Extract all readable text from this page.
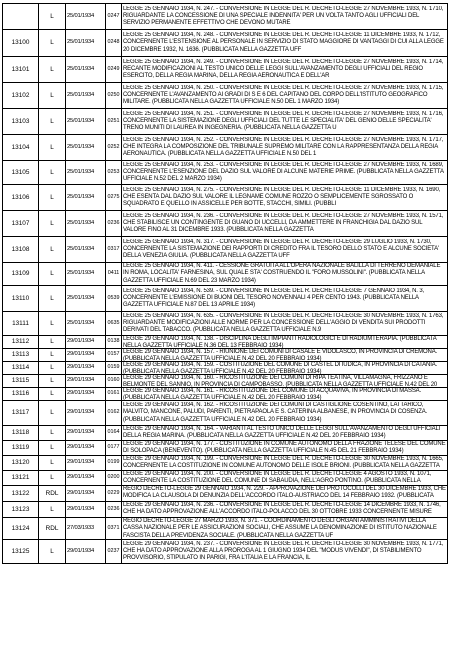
	L	25/01/1934	0247	LEGGE 25 GENNAIO 1934, N. 247. - CONVERSIONE IN LEGGE DEL R. DECRETO-LEGGE 27 NOVEMBRE 1933, N. 1710, RIGUARDANTE LA CONCESSIONE DI UNA SPECIALE INDENNITA' PER UN VOLTA TANTO AGLI UFFICIALI DEL SERVIZIO PERMANENTE EFFETTIVO CHE DEVONO MUTARE

13100	L	25/01/1934	0248	LEGGE 25 GENNAIO 1934, N. 248. - CONVERSIONE IN LEGGE DEL R. DECRETO-LEGGE 11 DICEMBRE 1933, N. 1712, CONCERNENTE L'ESTENSIONE AL PERSONALE IN SERVIZIO DI STATO MAGGIORE DI VANTAGGI DI CUI ALLA LEGGE 20 DICEMBRE 1932, N. 1636. (PUBBLICATA NELLA GAZZETTA UFF

13101	L	25/01/1934	0249	LEGGE 25 GENNAIO 1934, N. 249. - CONVERSIONE IN LEGGE DEL R. DECRETO-LEGGE 27 NOVEMBRE 1933, N. 1714, RECANTE MODIFICAZIONI AL TESTO UNICO DELLE LEGGI SULL'AVANZAMENTO DEGLI UFFICIALI DEL REGIO ESERCITO, DELLA REGIA MARINA, DELLA REGIA AERONAUTICA E DELL'AR

13102	L	25/01/1934	0250	LEGGE 25 GENNAIO 1934, N. 250. - CONVERSIONE IN LEGGE DEL R. DECRETO-LEGGE 27 NOVEMBRE 1933, N. 1715, CONCERNENTE L'AVANZAMENTO AI GRADI DI S E 6 DEL CAPITANO DEL CORPO DELL'ISTITUTO GEOGRAFICO MILITARE. (PUBBLICATA NELLA GAZZETTA UFFICIALE N.50 DEL 1 MARZO 1934)

13103	L	25/01/1934	0251	LEGGE 25 GENNAIO 1934, N. 251. - CONVERSIONE IN LEGGE DEL R. DECRETO-LEGGE 27 NOVEMBRE 1933, N. 1716, CONCERNENTE LA SISTEMAZIONE DEGLI UFFICIALI DEL TUTTE LE SPECIALITA' DEL GENIO DELLE SPECIALITA' TRENO MUNITI DI LAUREA IN INGEGNERIA. (PUBBLICATA NELLA GAZZETTA U

13104	L	25/01/1934	0252	LEGGE 25 GENNAIO 1934, N. 252. - CONVERSIONE IN LEGGE DEL R. DECRETO-LEGGE 27 NOVEMBRE 1933, N. 1717, CHE INTEGRA LA COMPOSIZIONE DEL TRIBUNALE SUPREMO MILITARE CON LA RAPPRESENTANZA DELLA REGIA AERONAUTICA. (PUBBLICATA NELLA GAZZETTA UFFICIALE N.50 DEL 1

13105	L	25/01/1934	0253	LEGGE 25 GENNAIO 1934, N. 253. - CONVERSIONE IN LEGGE DEL R. DECRETO-LEGGE 27 NOVEMBRE 1933, N. 1689, CONCERNENTE L'ESENZIONE DEL DAZIO SUL VALORE DI ALCUNE MATERIE PRIME. (PUBBLICATA NELLA GAZZETTA UFFICIALE N.52 DEL 2 MARZO 1934)

13106	L	25/01/1934	0275	LEGGE 25 GENNAIO 1934, N. 275. - CONVERSIONE IN LEGGE DEL R. DECRETO-LEGGE 11 DICEMBRE 1933, N. 1690, CHE ESENTA DAL DAZIO SUL VALORE IL LEGNAME COMUNE ROZZO O SEMPLICEMENTE SGROSSATO O SQUADRATO E QUELLO IN ASSICELLE PER BOTTE, STACCHI, SIMILI. (PUBBLI

13107	L	25/01/1934	0236	LEGGE 25 GENNAIO 1934, N. 236. - CONVERSIONE IN LEGGE DEL R. DECRETO-LEGGE 27 NOVEMBRE 1933, N. 1571, CHE STABILISCE UN CONTINGENTE DI GUANO DI UCCELLI, DA AMMETTERE IN FRANCHIGIA DAL DAZIO SUL VALORE FINO AL 31 DICEMBRE 1933. (PUBBLICATA NELLA GAZZETTA

13108	L	25/01/1934	0317	LEGGE 25 GENNAIO 1934, N. 317. - CONVERSIONE IN LEGGE DEL R. DECRETO-LEGGE 29 LUGLIO 1933, N. 1730, CONCERNENTE LA SISTEMAZIONE DEI RAPPORTI DI CREDITO FRA IL TESORO DELLO STATO E ALCUNE SOCIETA' DELLA VENEZIA GIULIA. (PUBBLICATA NELLA GAZZETTA UFF

13109	L	25/01/1934	0411	LEGGE 25 GENNAIO 1934, N. 411. - CESSIONE GRATUITA ALL'OPERA NAZIONALE BALILLA DI TERRENO DEMANIALE IN ROMA, LOCALITA' FARNESINA, SUL QUALE STA' COSTRUENDO IL "FORO MUSSOLINI". (PUBBLICATA NELLA GAZZETTA UFFICIALE N.69 DEL 23 MARZO 1934)

13110	L	25/01/1934	0539	LEGGE 25 GENNAIO 1934, N. 539. - CONVERSIONE IN LEGGE DEL R. DECRETO-LEGGE 7 GENNAIO 1934, N. 3, CONCERNENTE L'EMISSIONE DI BUONI DEL TESORO NOVENNALI 4 PER CENTO 1943. (PUBBLICATA NELLA GAZZETTA UFFICIALE N.87 DEL 13 APRILE 1934)

13111	L	25/01/1934	0635	LEGGE 25 GENNAIO 1934, N. 635. - CONVERSIONE IN LEGGE DEL R. DECRETO-LEGGE 30 NOVEMBRE 1933, N. 1763, RIGUARDANTE MODIFICAZIONI ALLE NORME PER LA CONCESSIONE DELL'AGGIO DI VENDITA SUI PRODOTTI DERIVATI DEL TABACCO. (PUBBLICATA NELLA GAZZETTA UFFICIALE N.9

13112	L	29/01/1934	0138	LEGGE 29 GENNAIO 1934, N. 138. - DISCIPLINA DEGLI IMPIANTI RADIOLOGICI E DI RADIUMTERAPIA. (PUBBLICATA NELLA GAZZETTA UFFICIALE N.36 DEL 13 FEBBRAIO 1934)

13113	L	29/01/1934	0157	LEGGE 29 GENNAIO 1934, N. 157. - RIUNIONE DEI COMUNI DI CASALE E VIDOLASCO, IN PROVINCIA DI CREMONA. (PUBBLICATA NELLA GAZZETTA UFFICIALE N.42 DEL 20 FEBBRAIO 1934)

13114	L	29/01/1934	0159	LEGGE 29 GENNAIO 1934, N. 159. - COSTITUZIONE DEL COMUNE DI CASTEL DI IUDICA, IN PROVINCIA DI CATANIA. (PUBBLICATA NELLA GAZZETTA UFFICIALE N.42 DEL 20 FEBBRAIO 1934)

13115	L	29/01/1934	0160	LEGGE 29 GENNAIO 1934, N. 160. - RICOSTITUZIONE DEI COMUNI DI RIPA TEATINA, VILLAMAGNA, FRIZZANO E BELMONTE DEL SANNIO, IN PROVINCIA DI CAMPOBASSO. (PUBBLICATA NELLA GAZZETTA UFFICIALE N.42 DEL 20

13116	L	29/01/1934	0161	LEGGE 29 GENNAIO 1934, N. 161. - RICOSTITUZIONE DEL COMUNE DI ACQUAVIVA, IN PROVINCIA DI MASSA. (PUBBLICATA NELLA GAZZETTA UFFICIALE N.42 DEL 20 FEBBRAIO 1934)

13117	L	29/01/1934	0162	LEGGE 29 GENNAIO 1934, N. 162. - RICOSTITUZIONE DEI COMUNI DI CASTIGLIONE COSENTINO, LATTARICO, MALVITO, MANCONE, PALUDI, PARENTI, PIETRAPAOLA E S. CATERINA ALBANESE, IN PROVINCIA DI COSENZA. (PUBBLICATA NELLA GAZZETTA UFFICIALE N.42 DEL 20 FEBBRAIO 1934)

13118	L	29/01/1934	0164	LEGGE 29 GENNAIO 1934, N. 164. - VARIANTI AL TESTO UNICO DELLE LEGGI SULL'AVANZAMENTO DEGLI UFFICIALI DELLA REGIA MARINA. (PUBBLICATA NELLA GAZZETTA UFFICIALE N.42 DEL 20 FEBBRAIO 1934)

13119	L	29/01/1934	0177	LEGGE 29 GENNAIO 1934, N. 177. - COSTITUZIONE IN COMUNE AUTONOMO DELLA FRAZIONE TELESE DEL COMUNE DI SOLOPACA (BENEVENTO). (PUBBLICATA NELLA GAZZETTA UFFICIALE N.45 DEL 21 FEBBRAIO 1934)

13120	L	29/01/1934	0199	LEGGE 29 GENNAIO 1934, N. 199. - CONVERSIONE IN LEGGE DEL R. DECRETO-LEGGE 30 NOVEMBRE 1933, N. 1665, CONCERNENTE LA COSTITUZIONE IN COMUNE AUTONOMO DELLE ISOLE BRIONI. (PUBBLICATA NELLA GAZZETTA

13121	L	29/01/1934	0200	LEGGE 29 GENNAIO 1934, N. 200. - CONVERSIONE IN LEGGE DEL R. DECRETO-LEGGE 4 AGOSTO 1933, N. 1071, CONCERNENTE LA COSTITUZIONE DEL COMUNE DI SABAUDIA, NELL'AGRO PONTINO. (PUBBLICATA NELLA

13122	RDL	29/01/1934	0229	REGIO DECRETO-LEGGE 29 GENNAIO 1934, N. 229. - APPROVAZIONE DEI PROTOCOLLI DEL 30 DICEMBRE 1933, CHE MODIFICA LA CLAUSOLA DI DENUNZIA DELL'ACCORDO ITALO-AUSTRIACO DEL 14 FEBBRAIO 1932. (PUBBLICATA

13123	L	29/01/1934	0236	LEGGE 29 GENNAIO 1934, N. 236. - CONVERSIONE IN LEGGE DEL R. DECRETO-LEGGE 14 DICEMBRE 1933, N. 1746, CHE HA DATO APPROVAZIONE ALL'ACCORDO ITALO-POLACCO DEL 30 OTTOBRE 1933 CONCERNENTE MISURE

13124	RDL	27/03/1933	0371	REGIO DECRETO-LEGGE 27 MARZO 1933, N. 371. - COORDINAMENTO DEGLI ORGANI AMMINISTRATIVI DELLA CASSA NAZIONALE PER LE ASSICURAZIONI SOCIALI, CHE ASSUME LA DENOMINAZIONE DI ISTITUTO NAZIONALE FASCISTA DELLA PREVIDENZA SOCIALE. (PUBBLICATA NELLA GAZZETTA UF

13125	L	29/01/1934	0237	LEGGE 29 GENNAIO 1934, N. 237. - CONVERSIONE IN LEGGE DEL R. DECRETO-LEGGE 30 NOVEMBRE 1933, N. 1771, CHE HA DATO APPROVAZIONE ALLA PROROGA AL 1 GIUGNO 1934 DEL "MODUS VIVENDI", DI STABILIMENTO PROVVISORIO, STIPULATO IN PARIGI, FRA L'ITALIA E LA FRANCIA, IL
